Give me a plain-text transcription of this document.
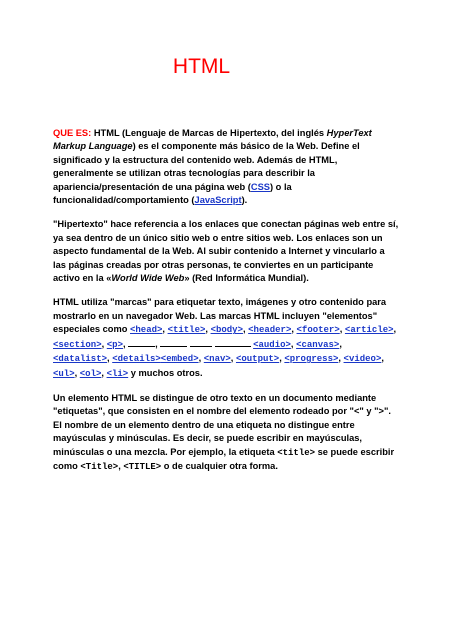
HTML

QUE ES: HTML (Lenguaje de Marcas de Hipertexto, del inglés HyperText Markup Language) es el componente más básico de la Web. Define el significado y la estructura del contenido web. Además de HTML, generalmente se utilizan otras tecnologías para describir la apariencia/presentación de una página web (CSS) o la funcionalidad/comportamiento (JavaScript).

"Hipertexto" hace referencia a los enlaces que conectan páginas web entre sí, ya sea dentro de un único sitio web o entre sitios web. Los enlaces son un aspecto fundamental de la Web. Al subir contenido a Internet y vincularlo a las páginas creadas por otras personas, te conviertes en un participante activo en la «World Wide Web» (Red Informática Mundial).

HTML utiliza "marcas" para etiquetar texto, imágenes y otro contenido para mostrarlo en un navegador Web. Las marcas HTML incluyen "elementos" especiales como <head>, <title>, <body>, <header>, <footer>, <article>, <section>, <p>,	,	<audio>, <canvas>, <datalist>, <details><embed>, <nav>, <output>, <progress>, <video>, <ul>, <ol>, <li> y muchos otros.

Un elemento HTML se distingue de otro texto en un documento mediante "etiquetas", que consisten en el nombre del elemento rodeado por "<" y ">". El nombre de un elemento dentro de una etiqueta no distingue entre mayúsculas y minúsculas. Es decir, se puede escribir en mayúsculas, minúsculas o una mezcla. Por ejemplo, la etiqueta <title> se puede escribir como <Title>, <TITLE> o de cualquier otra forma.
